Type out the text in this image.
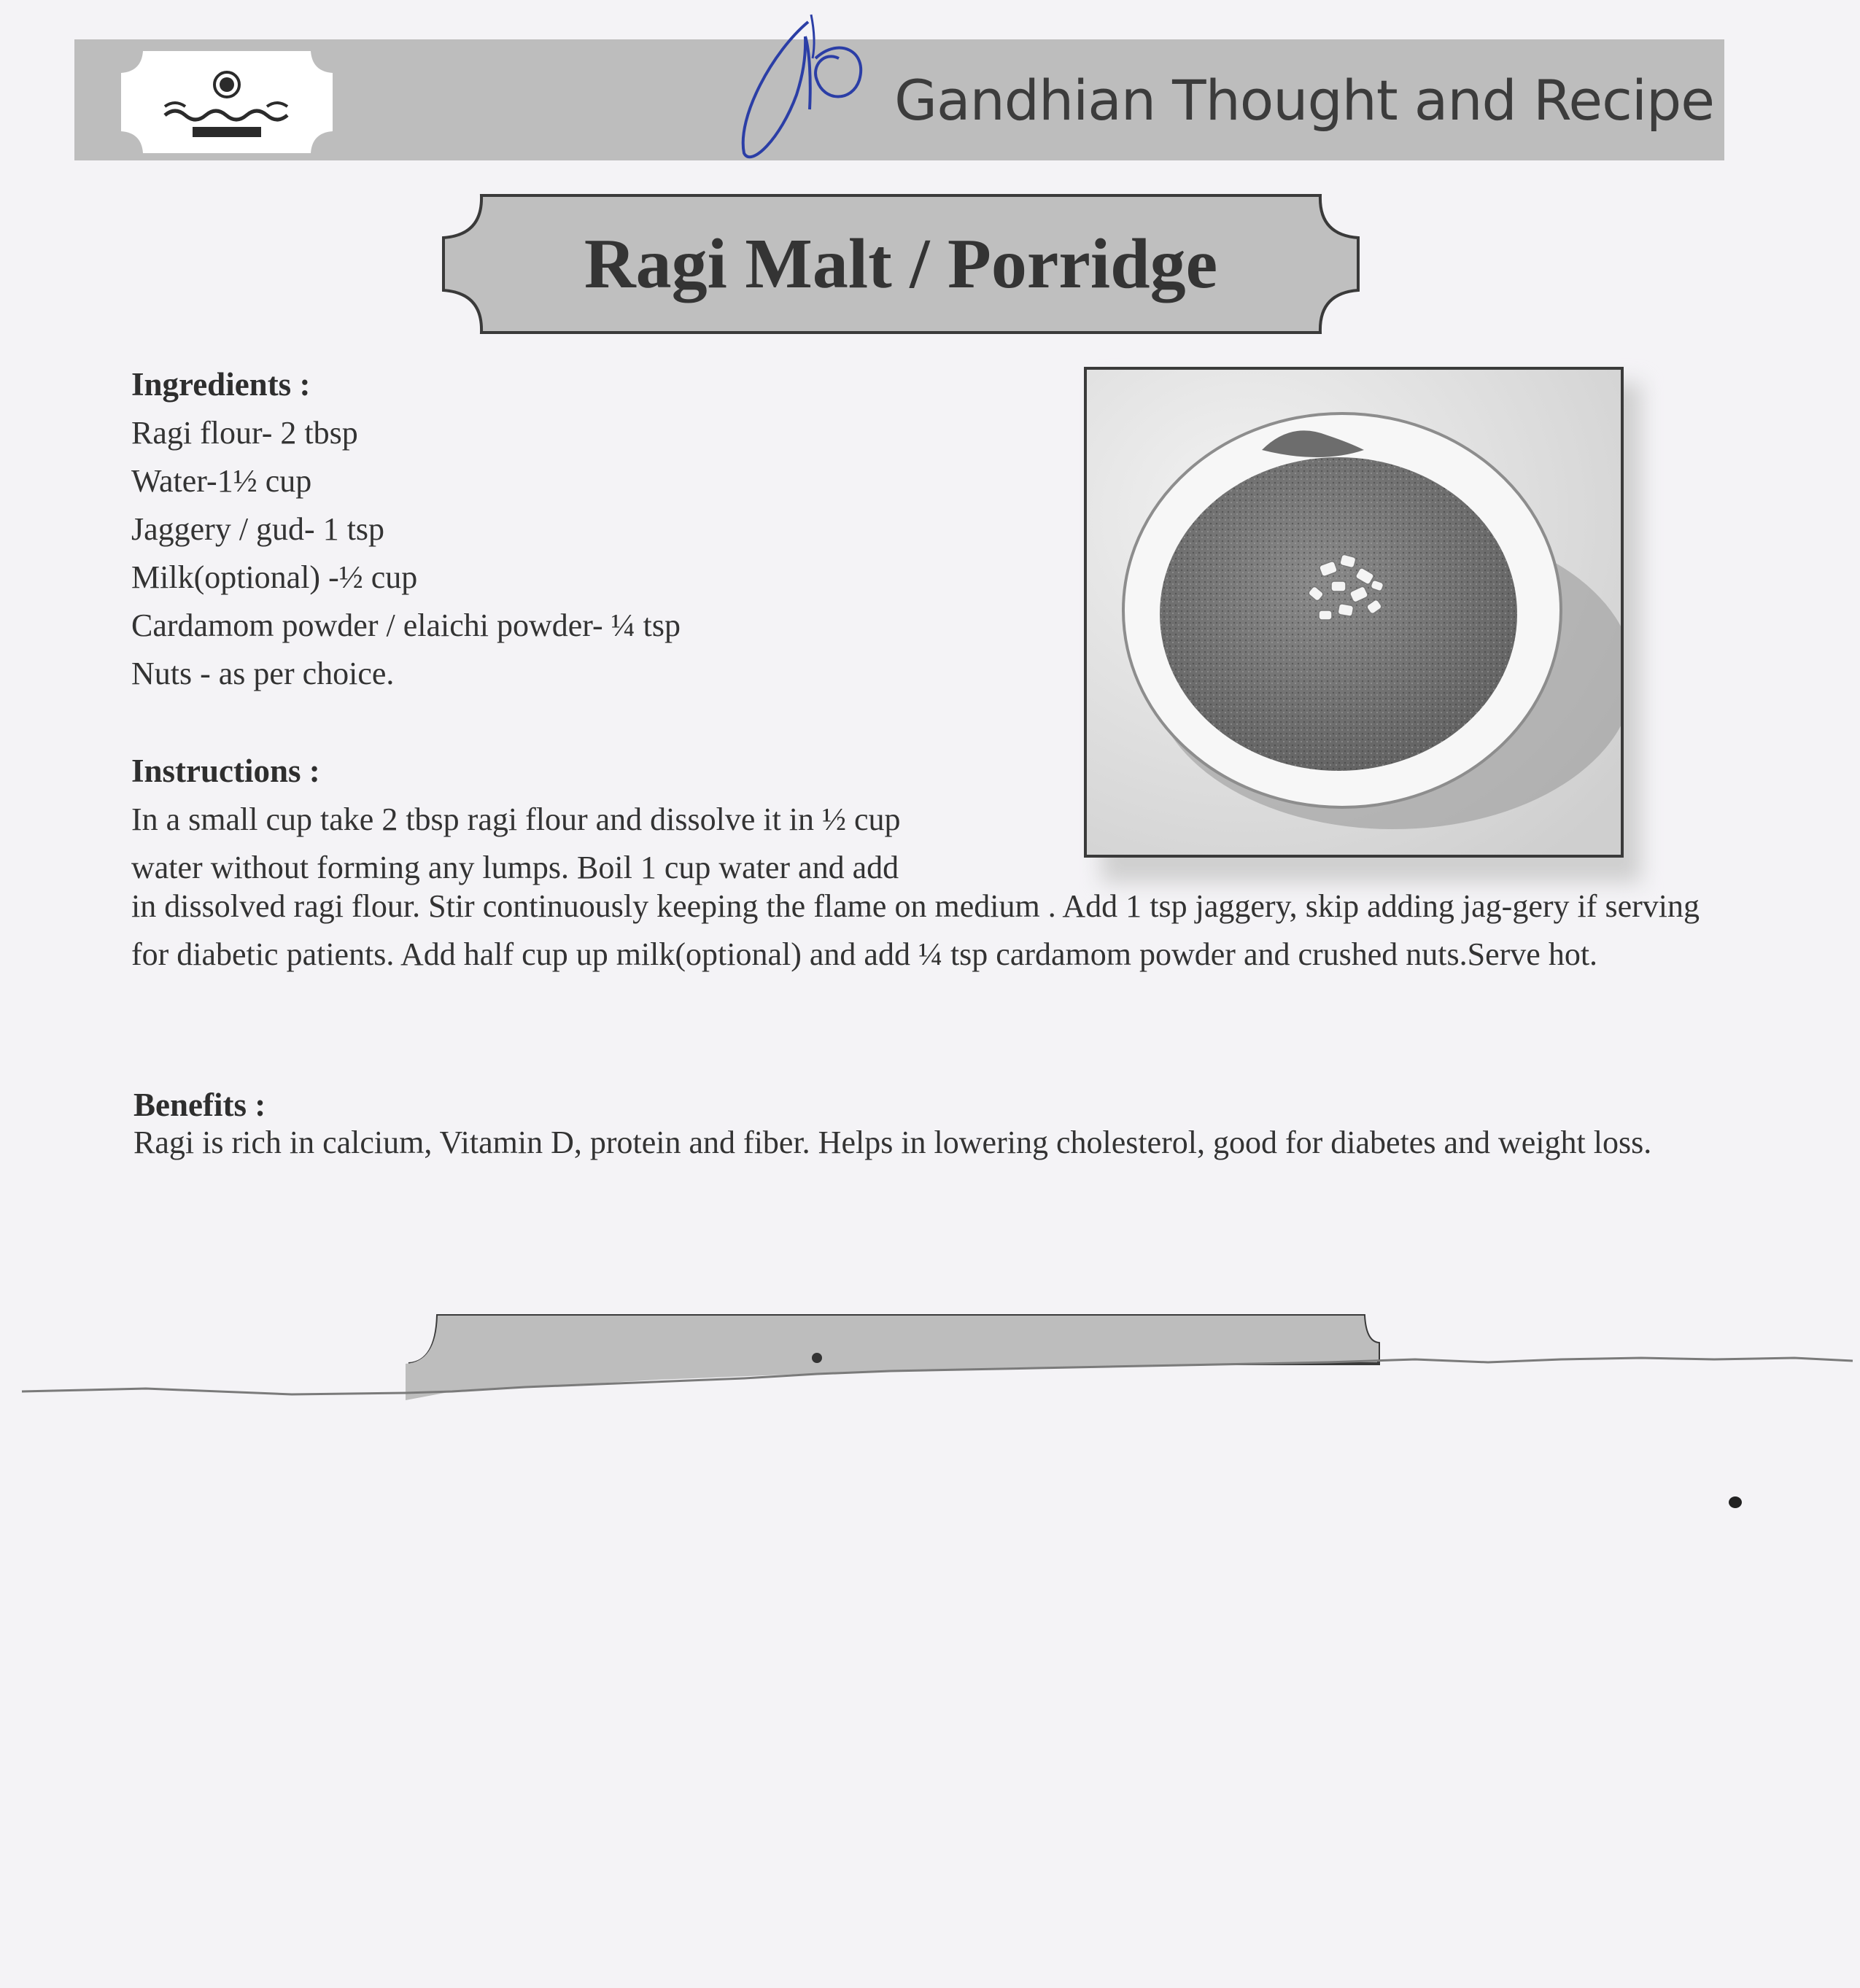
Gandhian Thought and Recipe
Ragi Malt / Porridge
Ingredients :
Ragi flour- 2 tbsp
Water-1½ cup
Jaggery / gud- 1 tsp
Milk(optional) -½ cup
Cardamom powder / elaichi powder- ¼ tsp
Nuts - as per choice.
Instructions :
In a small cup take 2 tbsp ragi flour and dissolve it in ½ cup
water without forming any lumps. Boil 1 cup water and add
in dissolved ragi flour. Stir continuously keeping the flame on medium . Add 1 tsp jaggery, skip adding jag-gery if serving for diabetic patients. Add half cup up milk(optional) and add ¼ tsp cardamom powder and crushed nuts.Serve hot.
Benefits :
Ragi is rich in calcium, Vitamin D, protein and fiber. Helps in lowering cholesterol, good for diabetes and weight loss.
